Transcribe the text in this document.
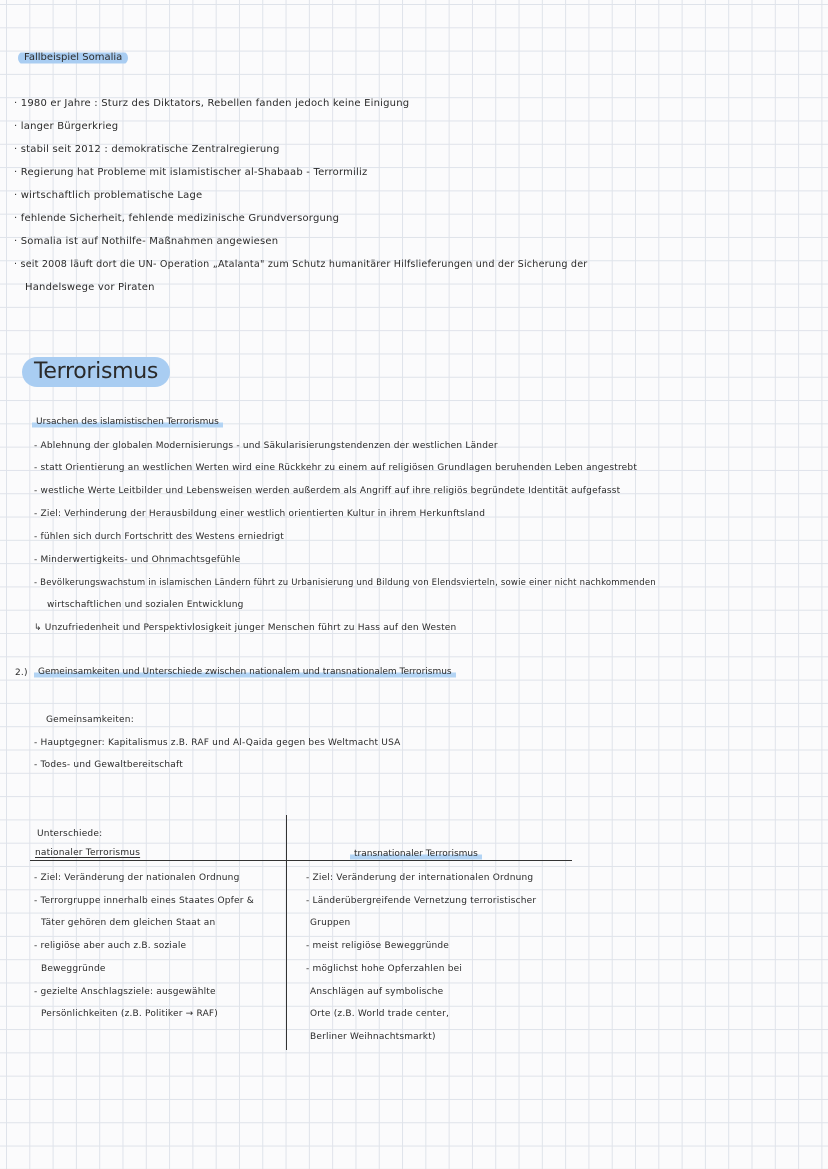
Fallbeispiel Somalia
· 1980 er Jahre : Sturz des Diktators, Rebellen fanden jedoch keine Einigung
· langer Bürgerkrieg
· stabil seit 2012 : demokratische Zentralregierung
· Regierung hat Probleme mit islamistischer al-Shabaab - Terrormiliz
· wirtschaftlich problematische Lage
· fehlende Sicherheit, fehlende medizinische Grundversorgung
· Somalia ist auf Nothilfe- Maßnahmen angewiesen
· seit 2008 läuft dort die UN- Operation „Atalanta" zum Schutz humanitärer Hilfslieferungen und der Sicherung der
Handelswege vor Piraten
Terrorismus
Ursachen des islamistischen Terrorismus
- Ablehnung der globalen Modernisierungs - und Säkularisierungstendenzen der westlichen Länder
- statt Orientierung an westlichen Werten wird eine Rückkehr zu einem auf religiösen Grundlagen beruhenden Leben angestrebt
- westliche Werte Leitbilder und Lebensweisen werden außerdem als Angriff auf ihre religiös begründete Identität aufgefasst
- Ziel: Verhinderung der Herausbildung einer westlich orientierten Kultur in ihrem Herkunftsland
- fühlen sich durch Fortschritt des Westens erniedrigt
- Minderwertigkeits- und Ohnmachtsgefühle
- Bevölkerungswachstum in islamischen Ländern führt zu Urbanisierung und Bildung von Elendsvierteln, sowie einer nicht nachkommenden
wirtschaftlichen und sozialen Entwicklung
↳ Unzufriedenheit und Perspektivlosigkeit junger Menschen führt zu Hass auf den Westen
2.)	Gemeinsamkeiten und Unterschiede zwischen nationalem und transnationalem Terrorismus
Gemeinsamkeiten:
- Hauptgegner: Kapitalismus z.B. RAF und Al-Qaida gegen bes Weltmacht USA
- Todes- und Gewaltbereitschaft
Unterschiede:
nationaler Terrorismus	transnationaler Terrorismus
- Ziel: Veränderung der nationalen Ordnung
- Terrorgruppe innerhalb eines Staates Opfer &
Täter gehören dem gleichen Staat an
- religiöse aber auch z.B. soziale
Beweggründe
- gezielte Anschlagsziele: ausgewählte
Persönlichkeiten (z.B. Politiker → RAF)
- Ziel: Veränderung der internationalen Ordnung
- Länderübergreifende Vernetzung terroristischer
Gruppen
- meist religiöse Beweggründe
- möglichst hohe Opferzahlen bei
Anschlägen auf symbolische
Orte (z.B. World trade center,
Berliner Weihnachtsmarkt)
